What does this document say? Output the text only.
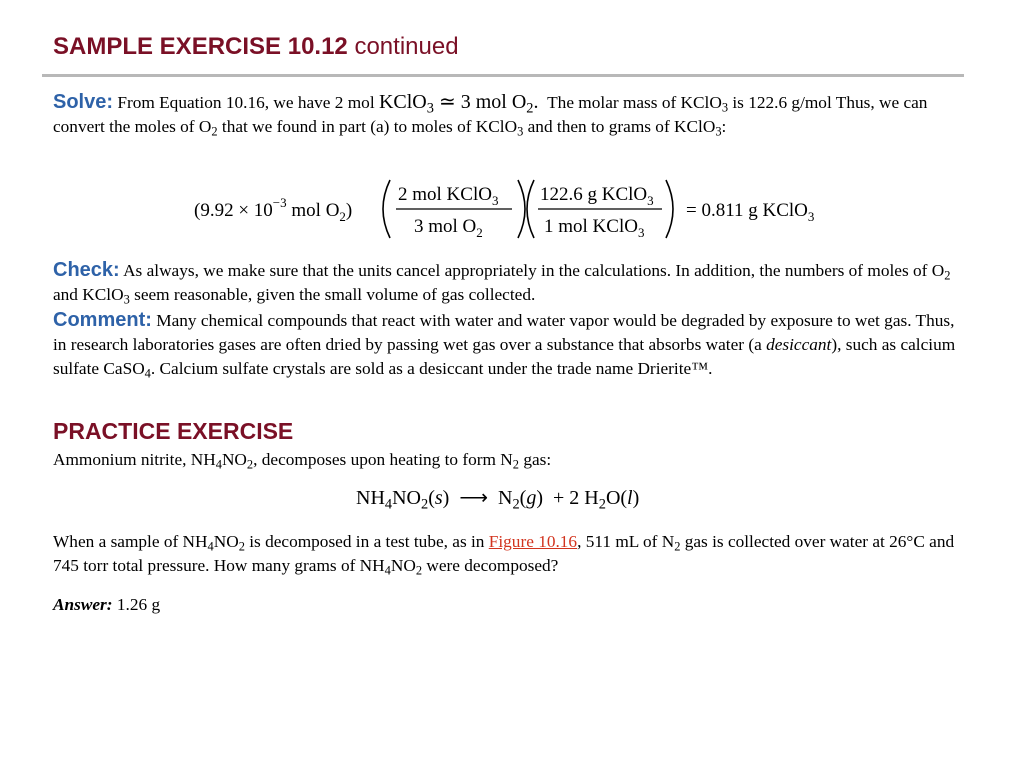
SAMPLE EXERCISE 10.12 continued
Solve: From Equation 10.16, we have 2 mol KClO$_3$ ≃ 3 mol $O_2$. The molar mass of KClO$_3$ is 122.6 g/mol Thus, we can convert the moles of $O_2$ that we found in part (a) to moles of KClO$_3$ and then to grams of KClO$_3$:
($9.92 \times 10^{-3}$ mol $O_2$)
2 mol KClO$_3$
3 mol $O_2$
122.6 g KClO$_3$
1 mol KClO$_3$
= 0.811 g KClO$_3$
Check: As always, we make sure that the units cancel appropriately in the calculations. In addition, the numbers of moles of $O_2$ and KClO$_3$ seem reasonable, given the small volume of gas collected.
Comment: Many chemical compounds that react with water and water vapor would be degraded by exposure to wet gas. Thus, in research laboratories gases are often dried by passing wet gas over a substance that absorbs water (a desiccant), such as calcium sulfate CaSO$_4$. Calcium sulfate crystals are sold as a desiccant under the trade name Drierite™.
PRACTICE EXERCISE
Ammonium nitrite, $NH_4NO_2$, decomposes upon heating to form $N_2$ gas:
$NH_4NO_2(s)$ ⟶ $N_2(g) + 2$ $H_2O(l)$
When a sample of $NH_4NO_2$ is decomposed in a test tube, as in Figure 10.16, 511 mL of $N_2$ gas is collected over water at 26°C and 745 torr total pressure. How many grams of $NH_4NO_2$ were decomposed?
Answer: 1.26 g
